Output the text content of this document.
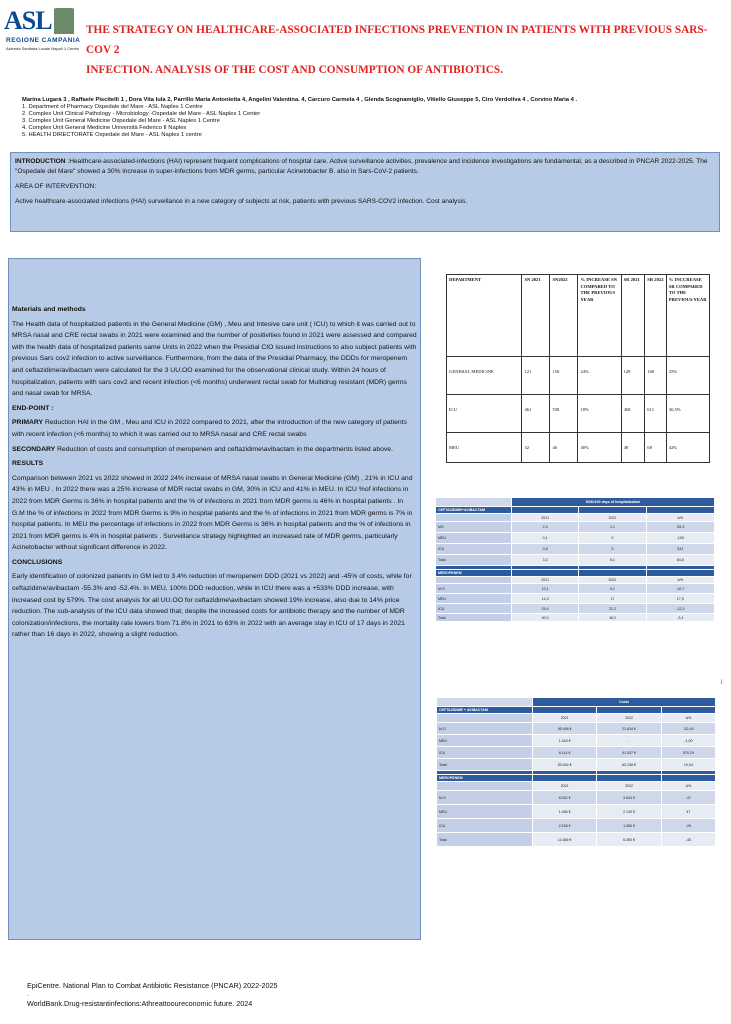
ASL
REGIONE CAMPANIA
Azienda Sanitaria Locale Napoli 1 Centro
THE STRATEGY ON HEALTHCARE-ASSOCIATED INFECTIONS PREVENTION IN PATIENTS WITH PREVIOUS SARS-COV 2
INFECTION. ANALYSIS OF THE COST AND CONSUMPTION OF ANTIBIOTICS.
Marina Lugarà 3 , Raffaele Piscitelli 1 , Dora Vita Iula 2, Parrillo Maria Antonietta 4, Angelini Valentina. 4, Carcuro Carmela 4 , Glenda Scognamiglio, Vitiello Giuseppe 5, Ciro Verdoliva 4 , Corvino Maria 4 .
1. Department of Pharmacy Ospedale del Mare - ASL Naples 1 Centre
2. Complex Unit Clinical Pathology - Microbiology -Ospedale del Mare - ASL Naples 1 Center
3. Complex Unit General Medicine Ospedale del Mare - ASL Naples 1 Centre
4. Complex Unit General Medicine Università Federico II Naples
5. HEALTH DIRECTORATE Ospedale del Mare - ASL Naples 1 centre

INTRODUCTION :Healthcare-associated-infections (HAI) represent frequent complications of hospital care. Active surveillance activities, prevalence and incidence investigations are fundamental, as a described in PNCAR 2022-2025. The "Ospedale del Mare" showed a 30% increase in super-infections from MDR germs, particular Acinetobacter B. also in Sars-CoV-2 patients.

AREA OF INTERVENTION:

Active healthcare-associated infections (HAI) surveillance in a new category of subjects at risk, patients with previous SARS-COV2 infection. Cost analysis.

Materials and methods

The Health data of hospitalized patients in the General Medicine (GM) , Meu and Intesive care unit ( ICU) to which it was carried out to MRSA nasal and CRE rectal swabs in 2021 were examined and the number of positivities found in 2021 were assessed and compared with the health data of hospitalized patients same Units in 2022 when the Presidial CIO issued instructions to also subject patients with previous Sars cov2 infection to active surveillance. Furthermore, from the data of the Presidial Pharmacy, the DDDs for meropenem and ceftazidime/avibactam were calculated for the 3 UU.OO examined for the observational clinical study. Within 24 hours of hospitalization, patients with sars cov2 and recent infection (<6 months) underwent rectal swab for Multidrug resistant (MDR) germs and nasal swab for MRSA.

END-POINT :

PRIMARY Reduction HAI in the GM , Meu and ICU in 2022 compared to 2021, after the introduction of the new category of patients with recent infection (<6 months) to which it was carried out to MRSA nasal and CRE rectal swabs

SECONDARY Reduction of costs and consumption of meropenem and ceftazidime\avibactam in the departments listed above.

RESULTS

Comparison between 2021 vs 2022 showed in 2022 24% increase of MRSA nasal swabs in General Medicine (GM) , 21% in ICU and 43% in MEU . In 2022 there was a 25% increase of MDR rectal swabs in GM, 30% in ICU and 41% in MEU. In ICU %of infections in 2022 from MDR Germs is 36% in hospital patients and the % of infections in 2021 from MDR germs is 46% in hospital patients . In G.M the % of infections in 2022 from MDR Germs is 9% in hospital patients and the % of infections in 2021 from MDR germs is 7% in hospital patients. In MEU the percentage of infections in 2022 from MDR Germs is 36% in hospital patients and the % of infections in 2021 from MDR germs is 4% in hospital patients . Surveillance strategy highlighted an increased rate of MDR germs, particularly Acinetobacter without significant difference in 2022.

CONCLUSIONS

Early identification of colonized patients in GM led to 3.4% reduction of meropenem DDD (2021 vs 2022) and -45% of costs, while for ceftazidime/avibactam -55.3% and -52.4%. In MEU, 100% DDD reduction, while in ICU there was a +533% DDD increase, with increased cost by 579%. The cost analysis for all UU.OO for ceftazidime\avibactam showed 19% increase, also due to 14% price reduction. The sub-analysis of the ICU data showed that, despite the increased costs for antibiotic therapy and the number of MDR colonization/infections, the mortality rate lowers from 71.8% in 2021 to 63% in 2022 with an average stay in ICU of 17 days in 2021 rather than 16 days in 2022, showing a slight reduction.

DEPARTMENT	SN 2021	SN2022	% INCREASE SN COMPARED TO THE PREVIOUS YEAR	SR 2021	SR 2022	% INCCREASE SR COMPARED TO THE PREVIOUS YEAR
GENERAL MEDICINE	121	150	24%	128	160	25%
ICU	461	558	18%	468	611	30,5%
MEU	32	46	40%	48	68	42%
	DDD/100 days of hospitalization		
CEFTAZIDIME+AVIBACTAM			
	2021	2022	Δ%
MG	2,4	1,1	-55,3
MEU	0,1	0	-100
ICU	0,8	5	533
Total	3,3	6,1	84,8

MEROPENEM			
	2021	2022	Δ%
M.G	10,1	9,1	-10,7
MEU	14,3	17	17,5
ICU	25,4	22,2	-12,3
Total	50,0	48,3	-3,4
i
	Costs		
CEFTAZIDIME + AVIBACTAM			
	2021	2022	Δ%
M.G	45.498 €	21.634 €	-52,49
MEU	1.443 €	-	-1,00
ICU	6.114 €	41.537 €	579,29
Total	53.054 €	63.158 €	19,04

MEROPENEM			
	2021	2022	Δ%
M.G	8.052 €	3.634 €	-47
MEU	1.456 €	2.139 €	47
ICU	2.158 €	1.586 €	-26
Total	11.666 €	6.360 €	-45
EpiCentre. National Plan to Combat Antibiotic Resistance (PNCAR) 2022-2025
.
WorldBank.Drug-resistantinfections:Athreattooureconomic future. 2024
